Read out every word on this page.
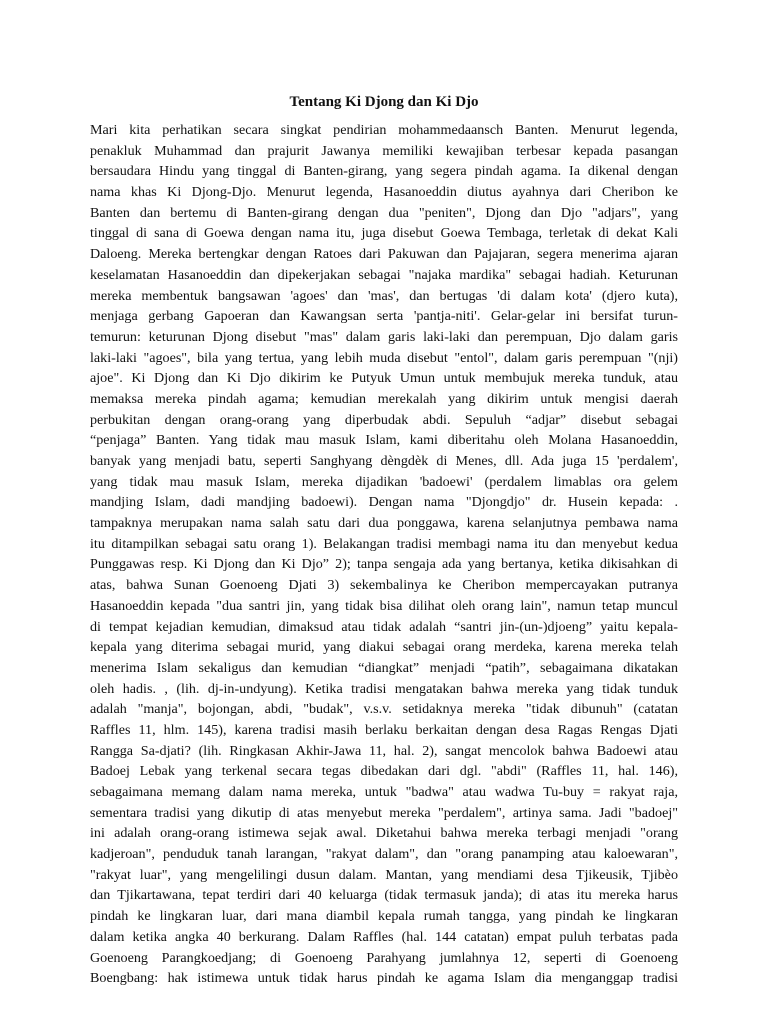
Tentang Ki Djong dan Ki Djo
Mari kita perhatikan secara singkat pendirian mohammedaansch Banten. Menurut legenda,
penakluk Muhammad dan prajurit Jawanya memiliki kewajiban terbesar kepada pasangan
bersaudara Hindu yang tinggal di Banten-girang, yang segera pindah agama. Ia dikenal dengan
nama khas Ki Djong-Djo. Menurut legenda, Hasanoeddin diutus ayahnya dari Cheribon ke
Banten dan bertemu di Banten-girang dengan dua "peniten", Djong dan Djo "adjars", yang
tinggal di sana di Goewa dengan nama itu, juga disebut Goewa Tembaga, terletak di dekat Kali
Daloeng. Mereka bertengkar dengan Ratoes dari Pakuwan dan Pajajaran, segera menerima ajaran
keselamatan Hasanoeddin dan dipekerjakan sebagai "najaka mardika" sebagai hadiah. Keturunan
mereka membentuk bangsawan 'agoes' dan 'mas', dan bertugas 'di dalam kota' (djero kuta),
menjaga gerbang Gapoeran dan Kawangsan serta 'pantja-niti'. Gelar-gelar ini bersifat turun-
temurun: keturunan Djong disebut "mas" dalam garis laki-laki dan perempuan, Djo dalam garis
laki-laki "agoes", bila yang tertua, yang lebih muda disebut "entol", dalam garis perempuan "(nji)
ajoe". Ki Djong dan Ki Djo dikirim ke Putyuk Umun untuk membujuk mereka tunduk, atau
memaksa mereka pindah agama; kemudian merekalah yang dikirim untuk mengisi daerah
perbukitan dengan orang-orang yang diperbudak abdi. Sepuluh “adjar” disebut sebagai
“penjaga” Banten. Yang tidak mau masuk Islam, kami diberitahu oleh Molana Hasanoeddin,
banyak yang menjadi batu, seperti Sanghyang dèngdèk di Menes, dll. Ada juga 15 'perdalem',
yang tidak mau masuk Islam, mereka dijadikan 'badoewi' (perdalem limablas ora gelem
mandjing Islam, dadi mandjing badoewi). Dengan nama "Djongdjo" dr. Husein kepada: .
tampaknya merupakan nama salah satu dari dua ponggawa, karena selanjutnya pembawa nama
itu ditampilkan sebagai satu orang 1). Belakangan tradisi membagi nama itu dan menyebut kedua
Punggawas resp. Ki Djong dan Ki Djo” 2); tanpa sengaja ada yang bertanya, ketika dikisahkan di
atas, bahwa Sunan Goenoeng Djati 3) sekembalinya ke Cheribon mempercayakan putranya
Hasanoeddin kepada "dua santri jin, yang tidak bisa dilihat oleh orang lain", namun tetap muncul
di tempat kejadian kemudian, dimaksud atau tidak adalah “santri jin-(un-)djoeng” yaitu kepala-
kepala yang diterima sebagai murid, yang diakui sebagai orang merdeka, karena mereka telah
menerima Islam sekaligus dan kemudian “diangkat” menjadi “patih”, sebagaimana dikatakan
oleh hadis. , (lih. dj-in-undyung). Ketika tradisi mengatakan bahwa mereka yang tidak tunduk
adalah "manja", bojongan, abdi, "budak", v.s.v. setidaknya mereka "tidak dibunuh" (catatan
Raffles 11, hlm. 145), karena tradisi masih berlaku berkaitan dengan desa Ragas Rengas Djati
Rangga Sa-djati? (lih. Ringkasan Akhir-Jawa 11, hal. 2), sangat mencolok bahwa Badoewi atau
Badoej Lebak yang terkenal secara tegas dibedakan dari dgl. "abdi" (Raffles 11, hal. 146),
sebagaimana memang dalam nama mereka, untuk "badwa" atau wadwa Tu-buy = rakyat raja,
sementara tradisi yang dikutip di atas menyebut mereka "perdalem", artinya sama. Jadi "badoej"
ini adalah orang-orang istimewa sejak awal. Diketahui bahwa mereka terbagi menjadi "orang
kadjeroan", penduduk tanah larangan, "rakyat dalam", dan "orang panamping atau kaloewaran",
"rakyat luar", yang mengelilingi dusun dalam. Mantan, yang mendiami desa Tjikeusik, Tjibèo
dan Tjikartawana, tepat terdiri dari 40 keluarga (tidak termasuk janda); di atas itu mereka harus
pindah ke lingkaran luar, dari mana diambil kepala rumah tangga, yang pindah ke lingkaran
dalam ketika angka 40 berkurang. Dalam Raffles (hal. 144 catatan) empat puluh terbatas pada
Goenoeng Parangkoedjang; di Goenoeng Parahyang jumlahnya 12, seperti di Goenoeng
Boengbang: hak istimewa untuk tidak harus pindah ke agama Islam dia menganggap tradisi
